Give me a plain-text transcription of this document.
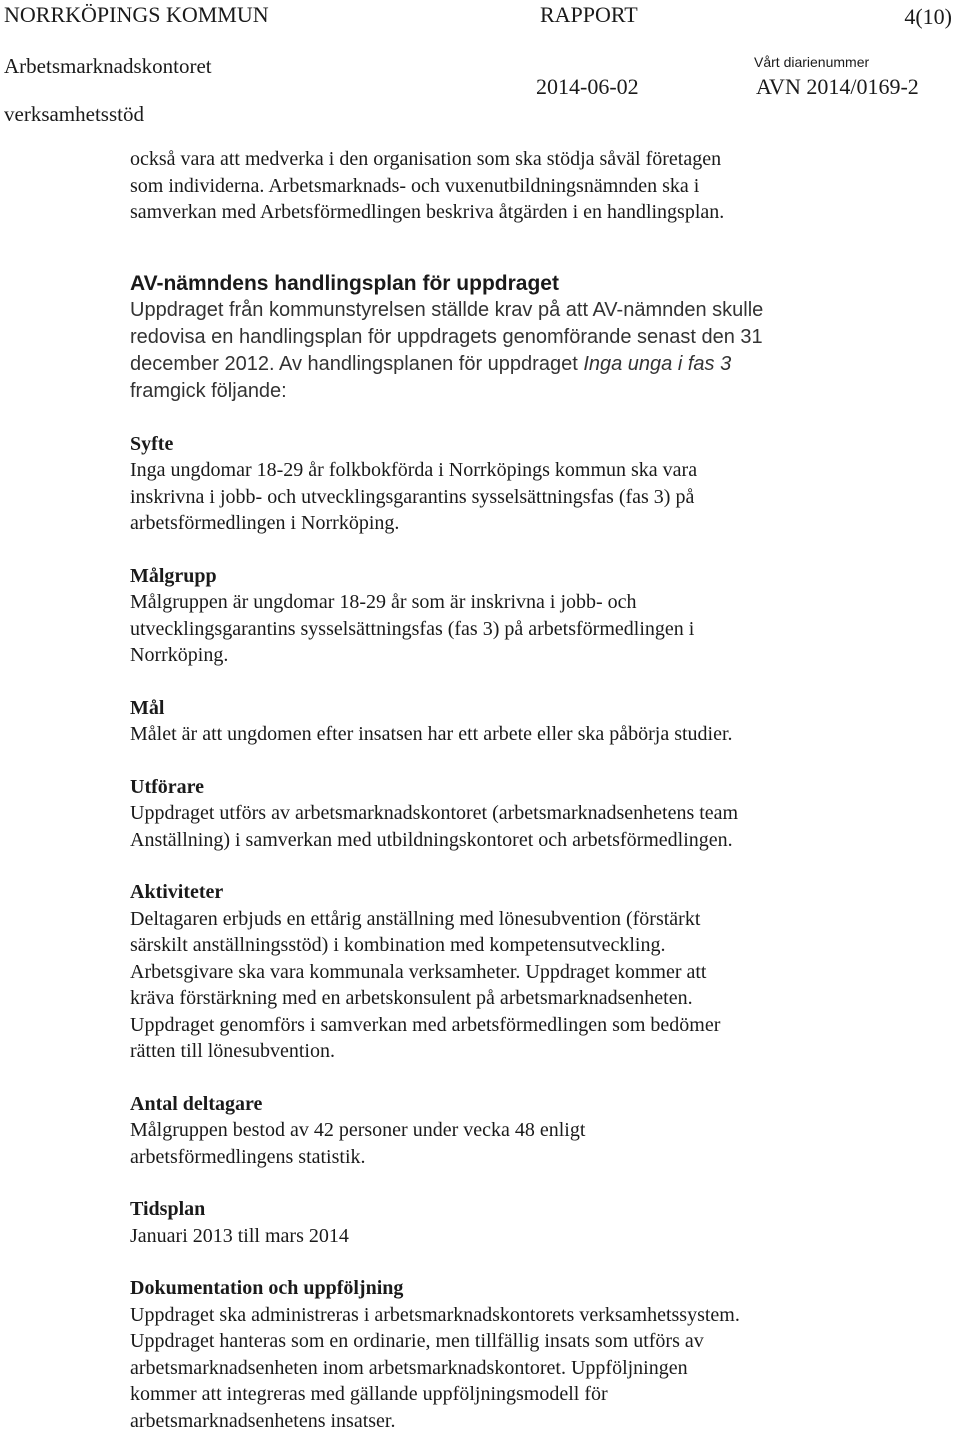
NORRKÖPINGS KOMMUN	RAPPORT	4(10)
Arbetsmarknadskontoret	Vårt diarienummer
2014-06-02	AVN 2014/0169-2
verksamhetsstöd

också vara att medverka i den organisation som ska stödja såväl företagen

som individerna. Arbetsmarknads- och vuxenutbildningsnämnden ska i

samverkan med Arbetsförmedlingen beskriva åtgärden i en handlingsplan.

AV-nämndens handlingsplan för uppdraget

Uppdraget från kommunstyrelsen ställde krav på att AV-nämnden skulle

redovisa en handlingsplan för uppdragets genomförande senast den 31

december 2012. Av handlingsplanen för uppdraget Inga unga i fas 3

framgick följande:

Syfte

Inga ungdomar 18-29 år folkbokförda i Norrköpings kommun ska vara

inskrivna i jobb- och utvecklingsgarantins sysselsättningsfas (fas 3) på

arbetsförmedlingen i Norrköping.

Målgrupp

Målgruppen är ungdomar 18-29 år som är inskrivna i jobb- och

utvecklingsgarantins sysselsättningsfas (fas 3) på arbetsförmedlingen i

Norrköping.

Mål

Målet är att ungdomen efter insatsen har ett arbete eller ska påbörja studier.

Utförare

Uppdraget utförs av arbetsmarknadskontoret (arbetsmarknadsenhetens team

Anställning) i samverkan med utbildningskontoret och arbetsförmedlingen.

Aktiviteter

Deltagaren erbjuds en ettårig anställning med lönesubvention (förstärkt

särskilt anställningsstöd) i kombination med kompetensutveckling.

Arbetsgivare ska vara kommunala verksamheter. Uppdraget kommer att

kräva förstärkning med en arbetskonsulent på arbetsmarknadsenheten.

Uppdraget genomförs i samverkan med arbetsförmedlingen som bedömer

rätten till lönesubvention.

Antal deltagare

Målgruppen bestod av 42 personer under vecka 48 enligt

arbetsförmedlingens statistik.

Tidsplan

Januari 2013 till mars 2014

Dokumentation och uppföljning

Uppdraget ska administreras i arbetsmarknadskontorets verksamhetssystem.

Uppdraget hanteras som en ordinarie, men tillfällig insats som utförs av

arbetsmarknadsenheten inom arbetsmarknadskontoret. Uppföljningen

kommer att integreras med gällande uppföljningsmodell för

arbetsmarknadsenhetens insatser.
